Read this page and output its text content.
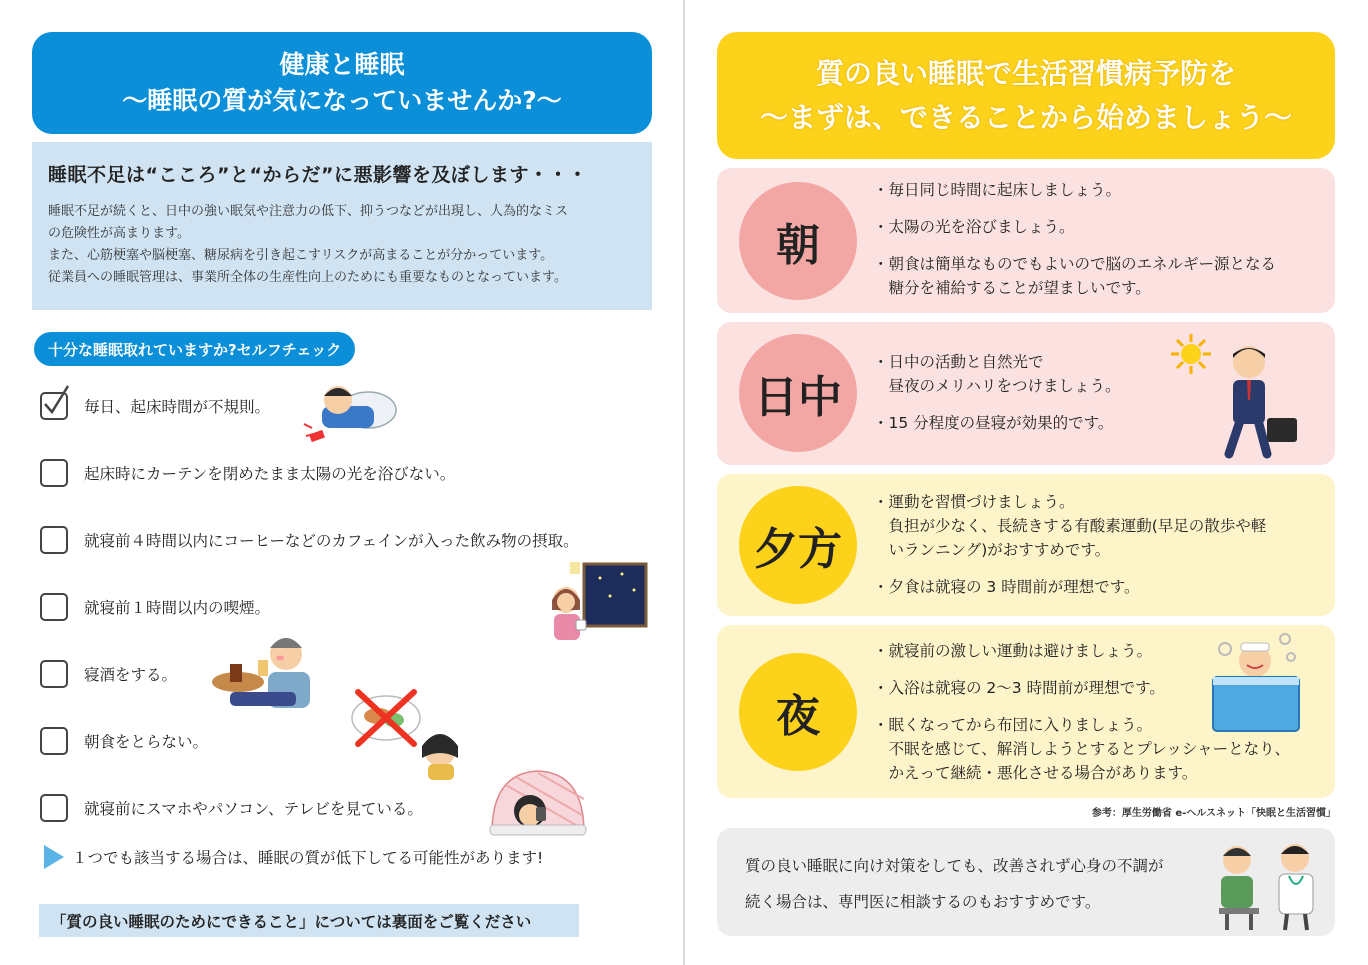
健康と睡眠
～睡眠の質が気になっていませんか?～
睡眠不足は“こころ”と“からだ”に悪影響を及ぼします・・・
睡眠不足が続くと、日中の強い眠気や注意力の低下、抑うつなどが出現し、人為的なミス
の危険性が高まります。
また、心筋梗塞や脳梗塞、糖尿病を引き起こすリスクが高まることが分かっています。
従業員への睡眠管理は、事業所全体の生産性向上のためにも重要なものとなっています。
十分な睡眠取れていますか?セルフチェック
毎日、起床時間が不規則。
起床時にカーテンを閉めたまま太陽の光を浴びない。
就寝前４時間以内にコーヒーなどのカフェインが入った飲み物の摂取。
就寝前１時間以内の喫煙。
寝酒をする。
朝食をとらない。
就寝前にスマホやパソコン、テレビを見ている。
１つでも該当する場合は、睡眠の質が低下してる可能性があります!
「質の良い睡眠のためにできること」については裏面をご覧ください
質の良い睡眠で生活習慣病予防を
～まずは、できることから始めましょう～
朝
・毎日同じ時間に起床しましょう。
・太陽の光を浴びましょう。
・朝食は簡単なものでもよいので脳のエネルギー源となる
　糖分を補給することが望ましいです。
日中
・日中の活動と自然光で
　昼夜のメリハリをつけましょう。
・15 分程度の昼寝が効果的です。
夕方
・運動を習慣づけましょう。
　負担が少なく、長続きする有酸素運動(早足の散歩や軽
　いランニング)がおすすめです。
・夕食は就寝の 3 時間前が理想です。
夜
・就寝前の激しい運動は避けましょう。
・入浴は就寝の 2～3 時間前が理想です。
・眠くなってから布団に入りましょう。
　不眠を感じて、解消しようとするとプレッシャーとなり、
　かえって継続・悪化させる場合があります。
参考：厚生労働省 e-ヘルスネット「快眠と生活習慣」
質の良い睡眠に向け対策をしても、改善されず心身の不調が
続く場合は、専門医に相談するのもおすすめです。
